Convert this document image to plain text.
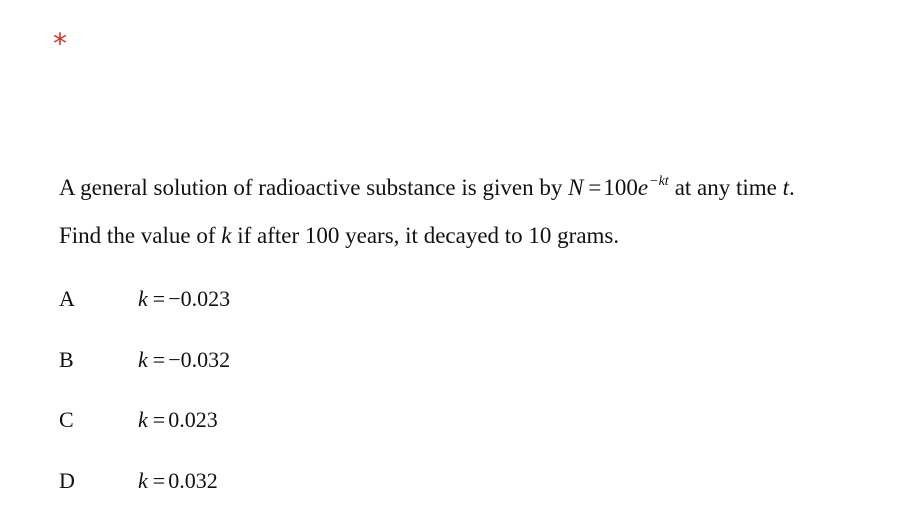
*
A general solution of radioactive substance is given by $N =100e^{-kt}$ at any time t.
Find the value of k if after 100 years, it decayed to 10 grams.
A	k = −0.023
B	k = −0.032
C	k = 0.023
D	k = 0.032
